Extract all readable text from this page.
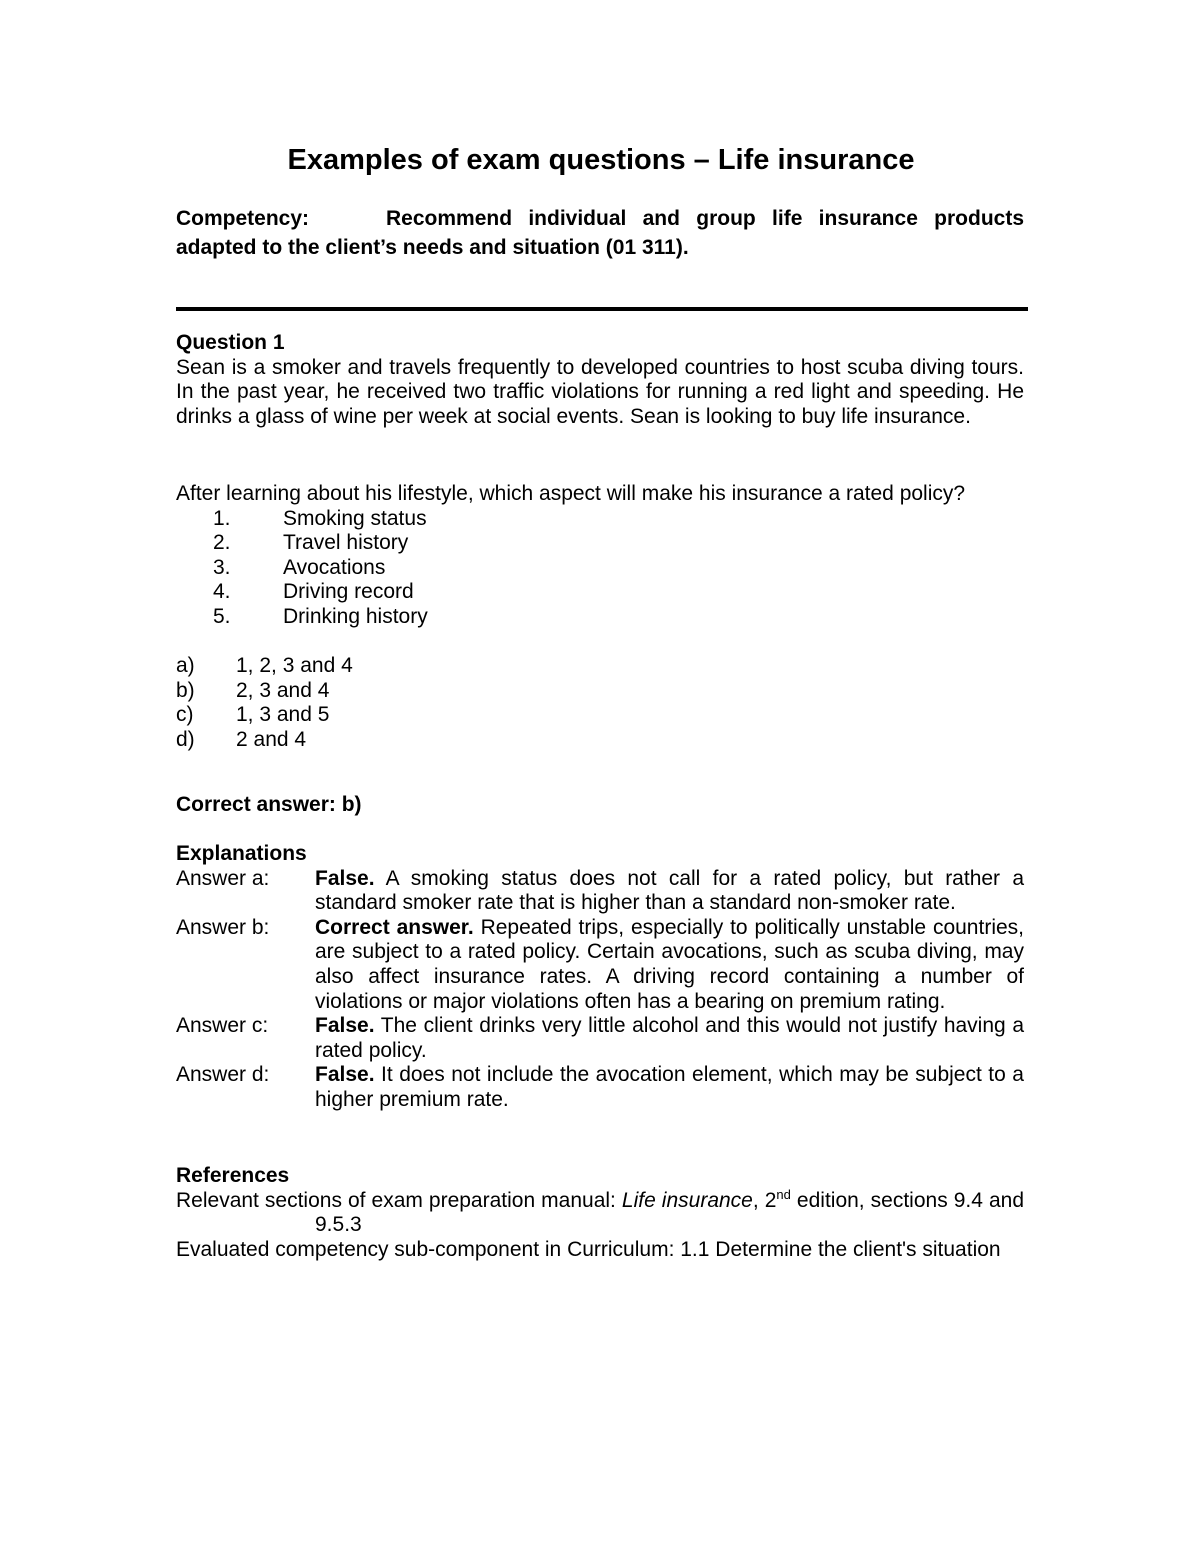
Examples of exam questions – Life insurance
Competency:	Recommend individual and group life insurance products adapted to the client’s needs and situation (01 311).

Question 1

Sean is a smoker and travels frequently to developed countries to host scuba diving tours. In the past year, he received two traffic violations for running a red light and speeding. He drinks a glass of wine per week at social events. Sean is looking to buy life insurance.

After learning about his lifestyle, which aspect will make his insurance a rated policy?

1.	Smoking status
2.	Travel history
3.	Avocations
4.	Driving record
5.	Drinking history
a)	1, 2, 3 and 4
b)	2, 3 and 4
c)	1, 3 and 5
d)	2 and 4
Correct answer: b)

Explanations

Answer a:	False. A smoking status does not call for a rated policy, but rather a standard smoker rate that is higher than a standard non-smoker rate.
Answer b:	Correct answer. Repeated trips, especially to politically unstable countries, are subject to a rated policy. Certain avocations, such as scuba diving, may also affect insurance rates. A driving record containing a number of violations or major violations often has a bearing on premium rating.
Answer c:	False. The client drinks very little alcohol and this would not justify having a rated policy.
Answer d:	False. It does not include the avocation element, which may be subject to a higher premium rate.

References

Relevant sections of exam preparation manual: Life insurance, 2nd edition, sections 9.4 and 9.5.3

Evaluated competency sub-component in Curriculum: 1.1 Determine the client's situation
